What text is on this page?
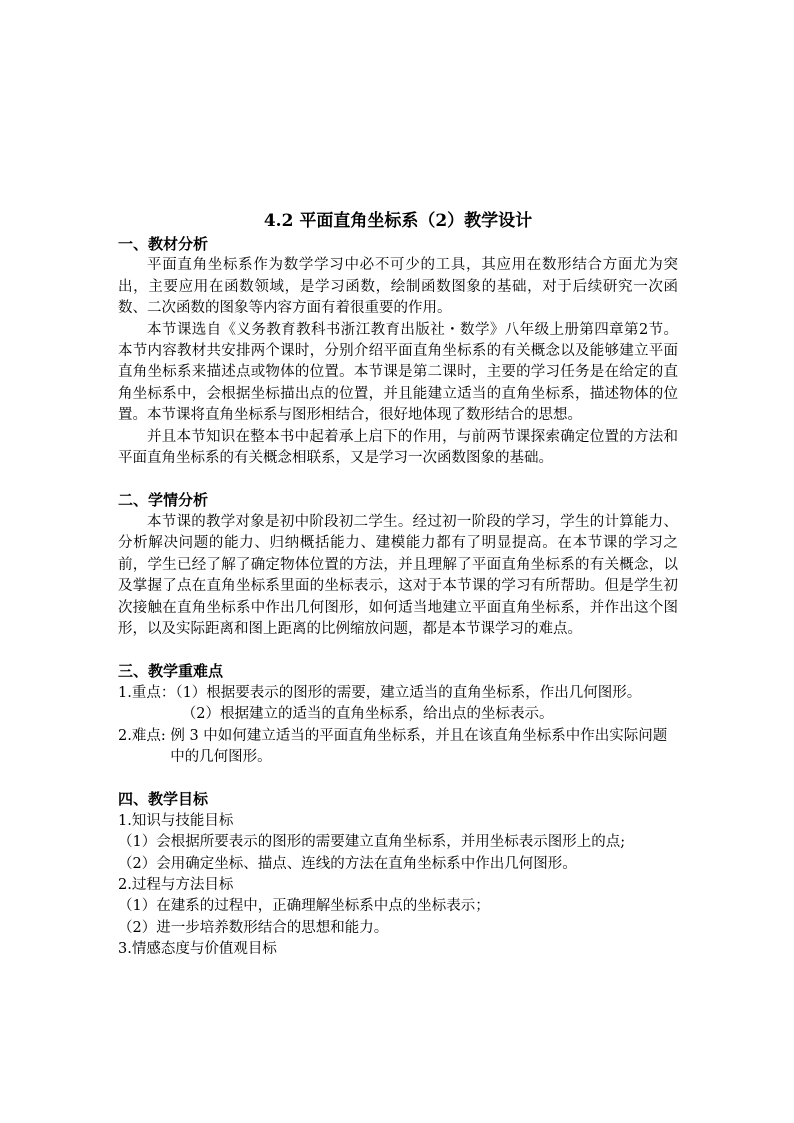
4.2 平面直角坐标系（2）教学设计

一、教材分析

平面直角坐标系作为数学学习中必不可少的工具，其应用在数形结合方面尤为突出，主要应用在函数领域，是学习函数，绘制函数图象的基础，对于后续研究一次函数、二次函数的图象等内容方面有着很重要的作用。

本节课选自《义务教育教科书浙江教育出版社・数学》八年级上册第四章第2节。本节内容教材共安排两个课时，分别介绍平面直角坐标系的有关概念以及能够建立平面直角坐标系来描述点或物体的位置。本节课是第二课时，主要的学习任务是在给定的直角坐标系中，会根据坐标描出点的位置，并且能建立适当的直角坐标系，描述物体的位置。本节课将直角坐标系与图形相结合，很好地体现了数形结合的思想。

并且本节知识在整本书中起着承上启下的作用，与前两节课探索确定位置的方法和平面直角坐标系的有关概念相联系，又是学习一次函数图象的基础。

二、学情分析

本节课的教学对象是初中阶段初二学生。经过初一阶段的学习，学生的计算能力、分析解决问题的能力、归纳概括能力、建模能力都有了明显提高。在本节课的学习之前，学生已经了解了确定物体位置的方法，并且理解了平面直角坐标系的有关概念，以及掌握了点在直角坐标系里面的坐标表示，这对于本节课的学习有所帮助。但是学生初次接触在直角坐标系中作出几何图形，如何适当地建立平面直角坐标系，并作出这个图形，以及实际距离和图上距离的比例缩放问题，都是本节课学习的难点。

三、教学重难点

1.重点：（1）根据要表示的图形的需要，建立适当的直角坐标系，作出几何图形。

（2）根据建立的适当的直角坐标系，给出点的坐标表示。

2.难点: 例 3 中如何建立适当的平面直角坐标系，并且在该直角坐标系中作出实际问题中的几何图形。

四、教学目标

1.知识与技能目标

（1）会根据所要表示的图形的需要建立直角坐标系，并用坐标表示图形上的点;

（2）会用确定坐标、描点、连线的方法在直角坐标系中作出几何图形。

2.过程与方法目标

（1）在建系的过程中，正确理解坐标系中点的坐标表示；

（2）进一步培养数形结合的思想和能力。

3.情感态度与价值观目标
